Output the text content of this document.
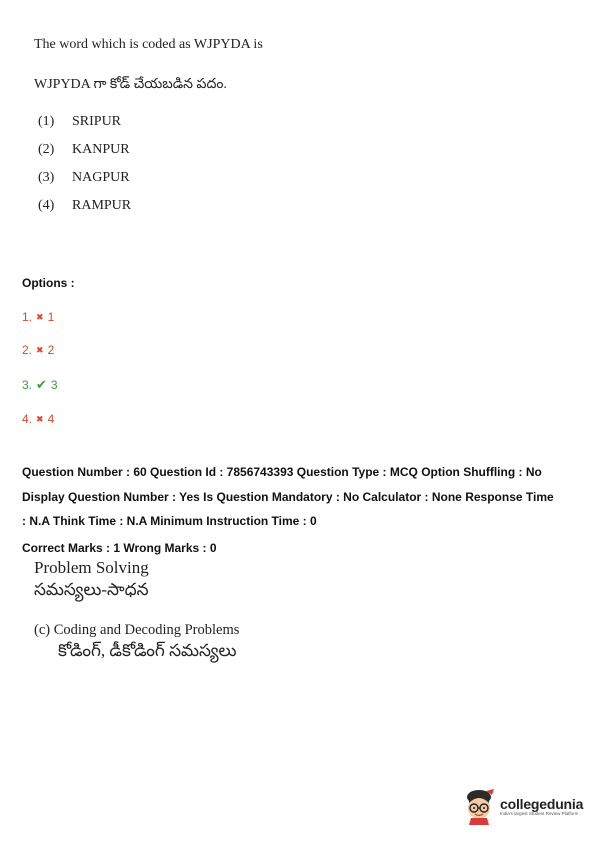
The word which is coded as WJPYDA is
WJPYDA గా కోడ్ చేయబడిన పదం.
(1)	SRIPUR
(2)	KANPUR
(3)	NAGPUR
(4)	RAMPUR
Options :
1. ✖ 1
2. ✖ 2
3. ✔ 3
4. ✖ 4
Question Number : 60 Question Id : 7856743393 Question Type : MCQ Option Shuffling : No
Display Question Number : Yes Is Question Mandatory : No Calculator : None Response Time
: N.A Think Time : N.A Minimum Instruction Time : 0
Correct Marks : 1 Wrong Marks : 0
Problem Solving
సమస్యలు-సాధన
(c) Coding and Decoding Problems
కోడింగ్, డీకోడింగ్ సమస్యలు
collegedunia
India's largest Student Review Platform
